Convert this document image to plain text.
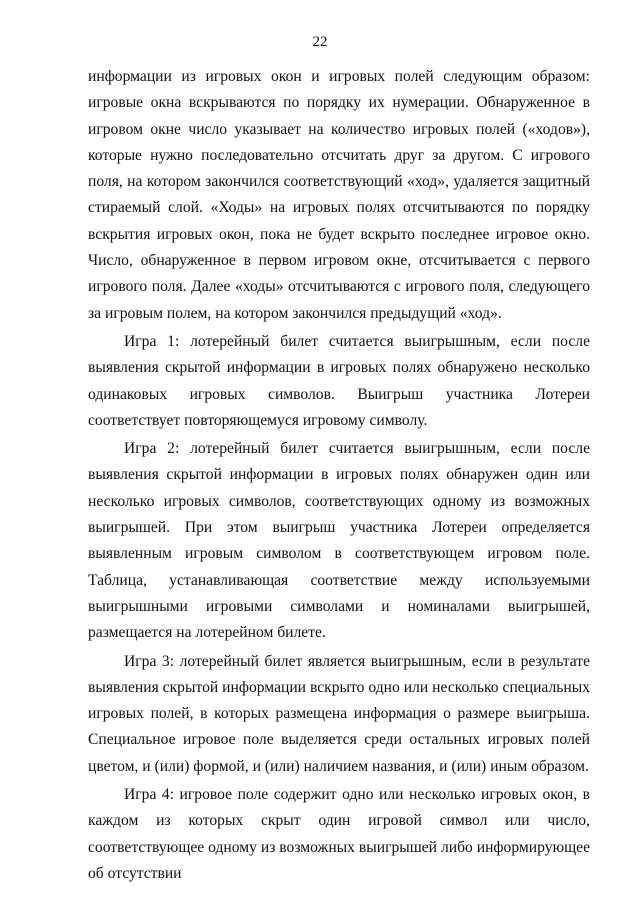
22

информации из игровых окон и игровых полей следующим образом: игровые окна вскрываются по порядку их нумерации. Обнаруженное в игровом окне число указывает на количество игровых полей («ходов»), которые нужно последовательно отсчитать друг за другом. С игрового поля, на котором закончился соответствующий «ход», удаляется защитный стираемый слой. «Ходы» на игровых полях отсчитываются по порядку вскрытия игровых окон, пока не будет вскрыто последнее игровое окно. Число, обнаруженное в первом игровом окне, отсчитывается с первого игрового поля. Далее «ходы» отсчитываются с игрового поля, следующего за игровым полем, на котором закончился предыдущий «ход».

Игра 1: лотерейный билет считается выигрышным, если после выявления скрытой информации в игровых полях обнаружено несколько одинаковых игровых символов. Выигрыш участника Лотереи соответствует повторяющемуся игровому символу.

Игра 2: лотерейный билет считается выигрышным, если после выявления скрытой информации в игровых полях обнаружен один или несколько игровых символов, соответствующих одному из возможных выигрышей. При этом выигрыш участника Лотереи определяется выявленным игровым символом в соответствующем игровом поле. Таблица, устанавливающая соответствие между используемыми выигрышными игровыми символами и номиналами выигрышей, размещается на лотерейном билете.

Игра 3: лотерейный билет является выигрышным, если в результате выявления скрытой информации вскрыто одно или несколько специальных игровых полей, в которых размещена информация о размере выигрыша. Специальное игровое поле выделяется среди остальных игровых полей цветом, и (или) формой, и (или) наличием названия, и (или) иным образом.

Игра 4: игровое поле содержит одно или несколько игровых окон, в каждом из которых скрыт один игровой символ или число, соответствующее одному из возможных выигрышей либо информирующее об отсутствии
